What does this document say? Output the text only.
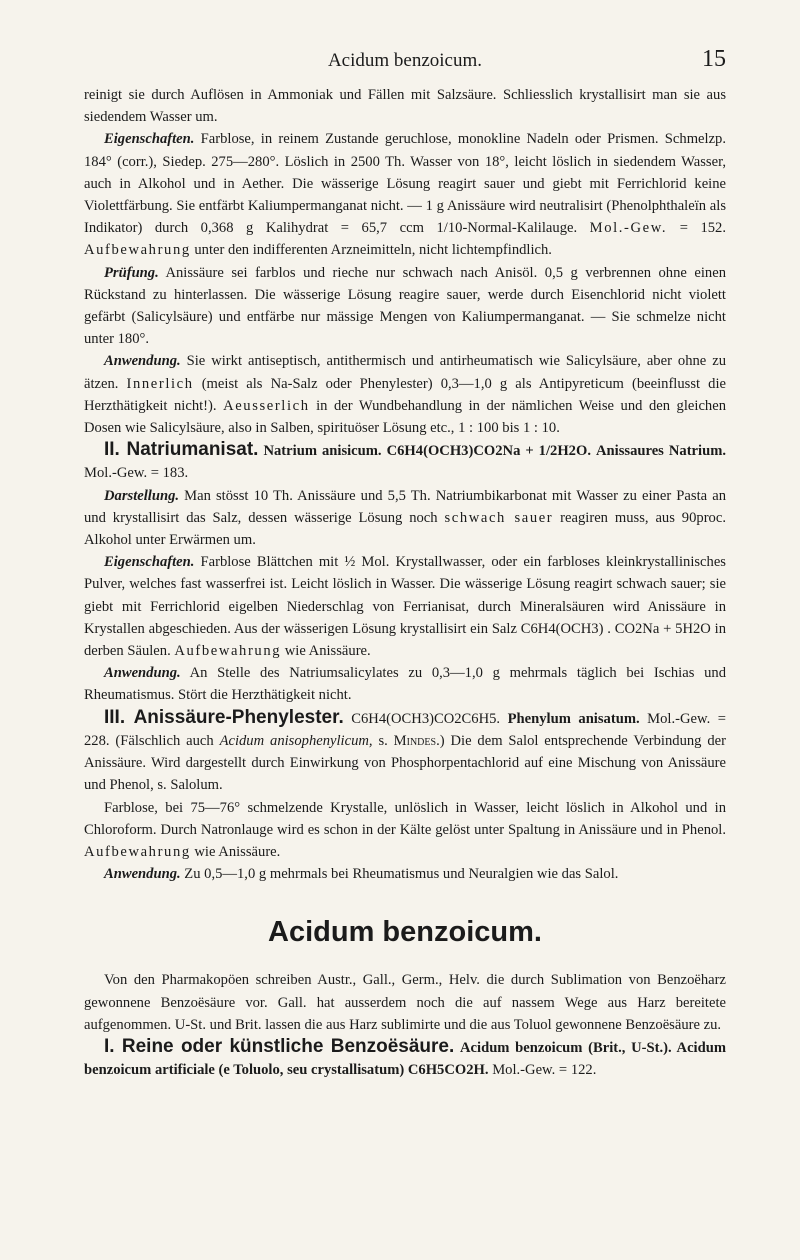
Acidum benzoicum.	15

reinigt sie durch Auflösen in Ammoniak und Fällen mit Salzsäure. Schliesslich krystallisirt man sie aus siedendem Wasser um.

Eigenschaften. Farblose, in reinem Zustande geruchlose, monokline Nadeln oder Prismen. Schmelzp. 184° (corr.), Siedep. 275—280°. Löslich in 2500 Th. Wasser von 18°, leicht löslich in siedendem Wasser, auch in Alkohol und in Aether. Die wässerige Lösung reagirt sauer und giebt mit Ferrichlorid keine Violettfärbung. Sie entfärbt Kaliumpermanganat nicht. — 1 g Anissäure wird neutralisirt (Phenolphthaleïn als Indikator) durch 0,368 g Kalihydrat = 65,7 ccm 1/10-Normal-Kalilauge. Mol.-Gew. = 152. Aufbewahrung unter den indifferenten Arzneimitteln, nicht lichtempfindlich.

Prüfung. Anissäure sei farblos und rieche nur schwach nach Anisöl. 0,5 g verbrennen ohne einen Rückstand zu hinterlassen. Die wässerige Lösung reagire sauer, werde durch Eisenchlorid nicht violett gefärbt (Salicylsäure) und entfärbe nur mässige Mengen von Kaliumpermanganat. — Sie schmelze nicht unter 180°.

Anwendung. Sie wirkt antiseptisch, antithermisch und antirheumatisch wie Salicylsäure, aber ohne zu ätzen. Innerlich (meist als Na-Salz oder Phenylester) 0,3—1,0 g als Antipyreticum (beeinflusst die Herzthätigkeit nicht!). Aeusserlich in der Wundbehandlung in der nämlichen Weise und den gleichen Dosen wie Salicylsäure, also in Salben, spirituöser Lösung etc., 1 : 100 bis 1 : 10.

II. Natriumanisat. Natrium anisicum. C6H4(OCH3)CO2Na + 1/2H2O. Anissaures Natrium. Mol.-Gew. = 183.

Darstellung. Man stösst 10 Th. Anissäure und 5,5 Th. Natriumbikarbonat mit Wasser zu einer Pasta an und krystallisirt das Salz, dessen wässerige Lösung noch schwach sauer reagiren muss, aus 90proc. Alkohol unter Erwärmen um.

Eigenschaften. Farblose Blättchen mit ½ Mol. Krystallwasser, oder ein farbloses kleinkrystallinisches Pulver, welches fast wasserfrei ist. Leicht löslich in Wasser. Die wässerige Lösung reagirt schwach sauer; sie giebt mit Ferrichlorid eigelben Niederschlag von Ferrianisat, durch Mineralsäuren wird Anissäure in Krystallen abgeschieden. Aus der wässerigen Lösung krystallisirt ein Salz C6H4(OCH3) . CO2Na + 5H2O in derben Säulen. Aufbewahrung wie Anissäure.

Anwendung. An Stelle des Natriumsalicylates zu 0,3—1,0 g mehrmals täglich bei Ischias und Rheumatismus. Stört die Herzthätigkeit nicht.

III. Anissäure-Phenylester. C6H4(OCH3)CO2C6H5. Phenylum anisatum. Mol.-Gew. = 228. (Fälschlich auch Acidum anisophenylicum, s. Mindes.) Die dem Salol entsprechende Verbindung der Anissäure. Wird dargestellt durch Einwirkung von Phosphorpentachlorid auf eine Mischung von Anissäure und Phenol, s. Salolum.

Farblose, bei 75—76° schmelzende Krystalle, unlöslich in Wasser, leicht löslich in Alkohol und in Chloroform. Durch Natronlauge wird es schon in der Kälte gelöst unter Spaltung in Anissäure und in Phenol. Aufbewahrung wie Anissäure.

Anwendung. Zu 0,5—1,0 g mehrmals bei Rheumatismus und Neuralgien wie das Salol.

Acidum benzoicum.

Von den Pharmakopöen schreiben Austr., Gall., Germ., Helv. die durch Sublimation von Benzoëharz gewonnene Benzoësäure vor. Gall. hat ausserdem noch die auf nassem Wege aus Harz bereitete aufgenommen. U-St. und Brit. lassen die aus Harz sublimirte und die aus Toluol gewonnene Benzoësäure zu.

I. Reine oder künstliche Benzoësäure. Acidum benzoicum (Brit., U-St.). Acidum benzoicum artificiale (e Toluolo, seu crystallisatum) C6H5CO2H. Mol.-Gew. = 122.
